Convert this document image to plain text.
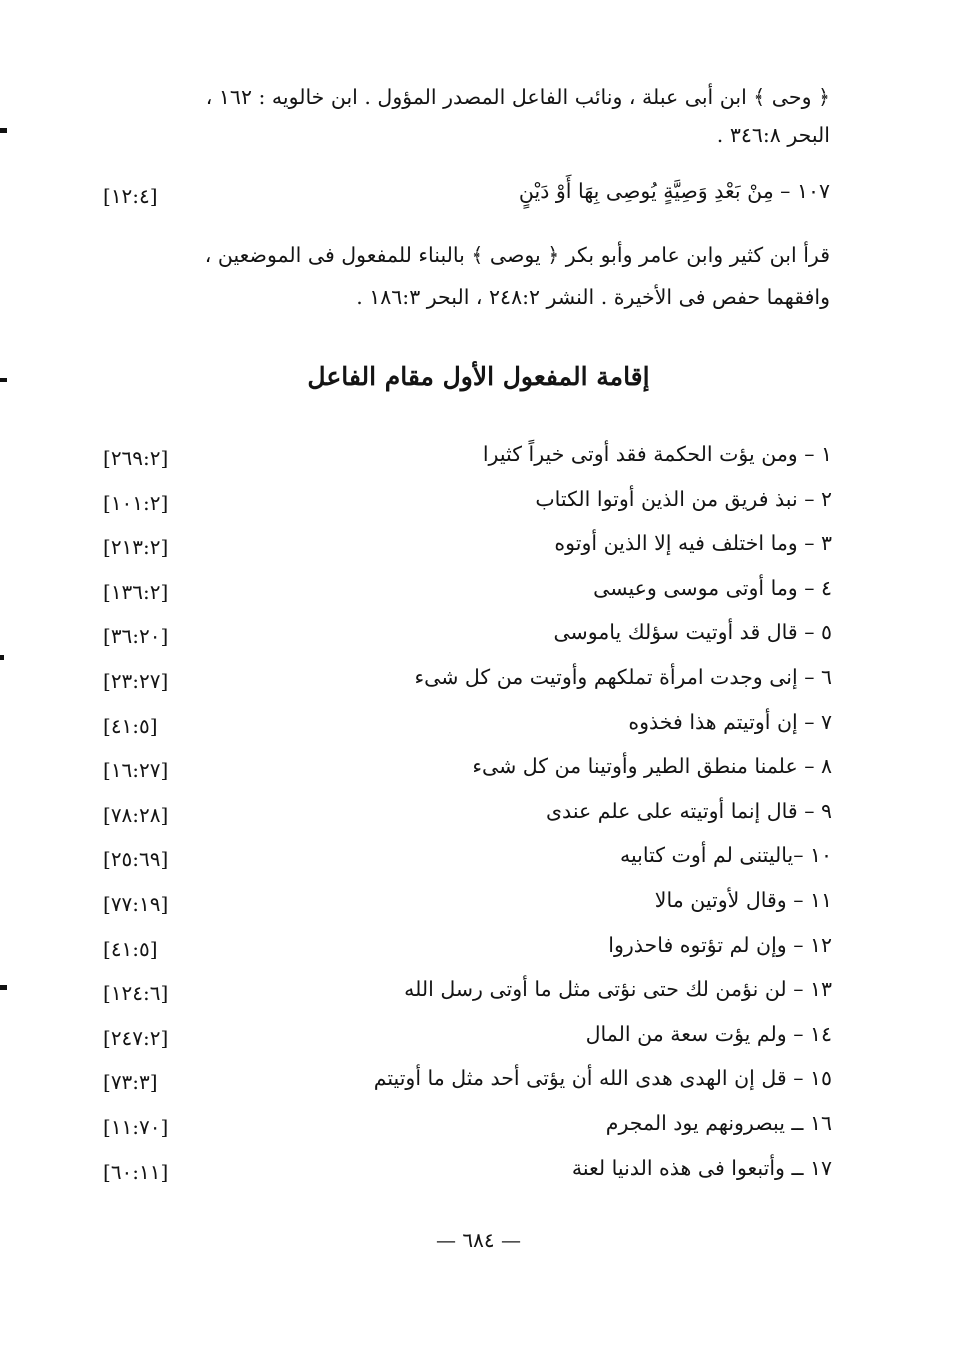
﴿ وحى ﴾ ابن أبى عبلة ، ونائب الفاعل المصدر المؤول . ابن خالويه : ١٦٢ ،
البحر ٣٤٦:٨ .
١٠٧ – مِنْ بَعْدِ وَصِيَّةٍ يُوصِى بِهَا أَوْ دَيْنٍ
[١٢:٤]
قرأ ابن كثير وابن عامر وأبو بكر ﴿ يوصى ﴾ بالبناء للمفعول فى الموضعين ،
وافقهما حفص فى الأخيرة . النشر ٢٤٨:٢ ، البحر ١٨٦:٣ .
إقامة المفعول الأول مقام الفاعل
١ – ومن يؤت الحكمة فقد أوتى خيراً كثيرا
[٢٦٩:٢]
٢ – نبذ فريق من الذين أوتوا الكتاب
[١٠١:٢]
٣ – وما اختلف فيه إلا الذين أوتوه
[٢١٣:٢]
٤ – وما أوتى موسى وعيسى
[١٣٦:٢]
٥ – قال قد أوتيت سؤلك ياموسى
[٣٦:٢٠]
٦ – إنى وجدت امرأة تملكهم وأوتيت من كل شىء
[٢٣:٢٧]
٧ – إن أوتيتم هذا فخذوه
[٤١:٥]
٨ – علمنا منطق الطير وأوتينا من كل شىء
[١٦:٢٧]
٩ – قال إنما أوتيته على علم عندى
[٧٨:٢٨]
١٠ –ياليتنى لم أوت كتابيه
[٢٥:٦٩]
١١ – وقال لأوتين مالا
[٧٧:١٩]
١٢ – وإن لم تؤتوه فاحذروا
[٤١:٥]
١٣ – لن نؤمن لك حتى نؤتى مثل ما أوتى رسل الله
[١٢٤:٦]
١٤ – ولم يؤت سعة من المال
[٢٤٧:٢]
١٥ – قل إن الهدى هدى الله أن يؤتى أحد مثل ما أوتيتم
[٧٣:٣]
١٦ ــ يبصرونهم يود المجرم
[١١:٧٠]
١٧ ــ وأتبعوا فى هذه الدنيا لعنة
[٦٠:١١]
— ٦٨٤ —
